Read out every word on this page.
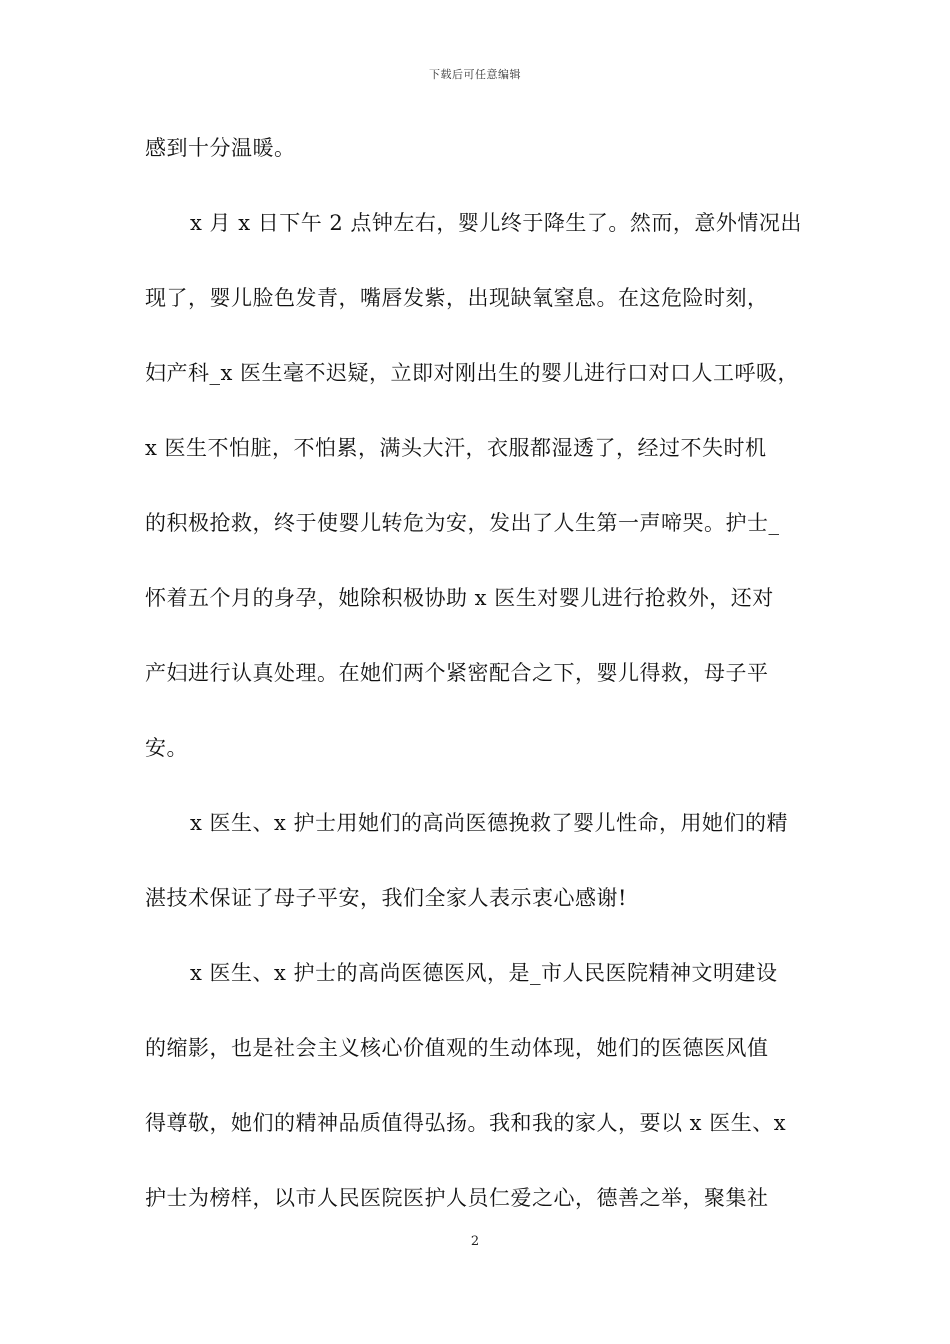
下载后可任意编辑
感到十分温暖。
x 月 x 日下午 2 点钟左右，婴儿终于降生了。然而，意外情况出
现了，婴儿脸色发青，嘴唇发紫，出现缺氧窒息。在这危险时刻，
妇产科_x 医生毫不迟疑，立即对刚出生的婴儿进行口对口人工呼吸，
x 医生不怕脏，不怕累，满头大汗，衣服都湿透了，经过不失时机
的积极抢救，终于使婴儿转危为安，发出了人生第一声啼哭。护士_
怀着五个月的身孕，她除积极协助 x 医生对婴儿进行抢救外，还对
产妇进行认真处理。在她们两个紧密配合之下，婴儿得救，母子平
安。
x 医生、x 护士用她们的高尚医德挽救了婴儿性命，用她们的精
湛技术保证了母子平安，我们全家人表示衷心感谢!
x 医生、x 护士的高尚医德医风，是_市人民医院精神文明建设
的缩影，也是社会主义核心价值观的生动体现，她们的医德医风值
得尊敬，她们的精神品质值得弘扬。我和我的家人，要以 x 医生、x
护士为榜样，以市人民医院医护人员仁爱之心，德善之举，聚集社
2
